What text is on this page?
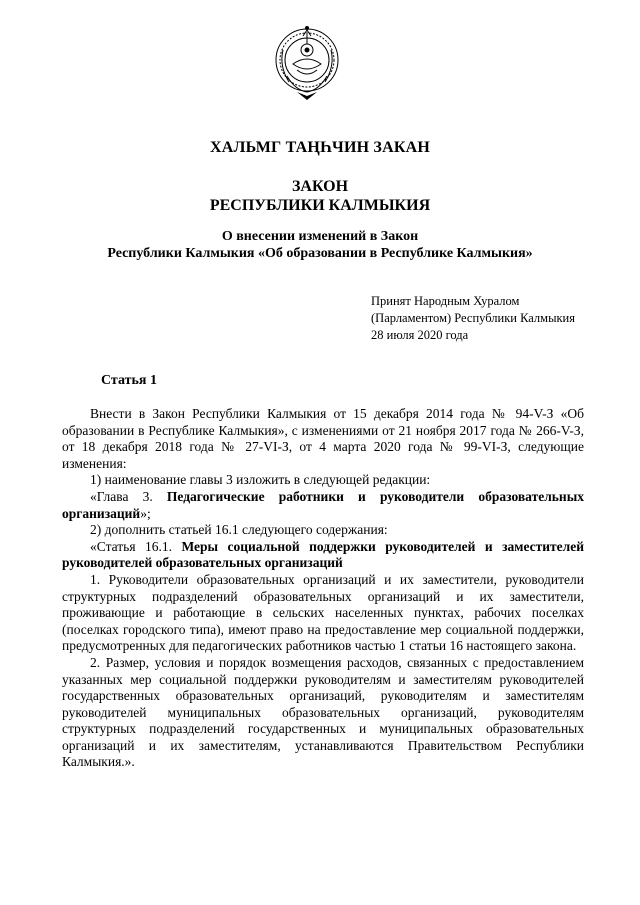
ХАЛЬМГ ТАҢҺЧИН ЗАКАН
ЗАКОН
РЕСПУБЛИКИ КАЛМЫКИЯ
О внесении изменений в Закон
Республики Калмыкия «Об образовании в Республике Калмыкия»
Принят Народным Хуралом
(Парламентом) Республики Калмыкия
28 июля 2020 года
Статья 1

Внести в Закон Республики Калмыкия от 15 декабря 2014 года № 94-V-З «Об образовании в Республике Калмыкия», с изменениями от 21 ноября 2017 года № 266-V-З, от 18 декабря 2018 года № 27-VI-З, от 4 марта 2020 года № 99-VI-З, следующие изменения:

1) наименование главы 3 изложить в следующей редакции:

«Глава 3. Педагогические работники и руководители образовательных организаций»;

2) дополнить статьей 16.1 следующего содержания:

«Статья 16.1. Меры социальной поддержки руководителей и заместителей руководителей образовательных организаций

1. Руководители образовательных организаций и их заместители, руководители структурных подразделений образовательных организаций и их заместители, проживающие и работающие в сельских населенных пунктах, рабочих поселках (поселках городского типа), имеют право на предоставление мер социальной поддержки, предусмотренных для педагогических работников частью 1 статьи 16 настоящего закона.

2. Размер, условия и порядок возмещения расходов, связанных с предоставлением указанных мер социальной поддержки руководителям и заместителям руководителей государственных образовательных организаций, руководителям и заместителям руководителей муниципальных образовательных организаций, руководителям структурных подразделений государственных и муниципальных образовательных организаций и их заместителям, устанавливаются Правительством Республики Калмыкия.».
